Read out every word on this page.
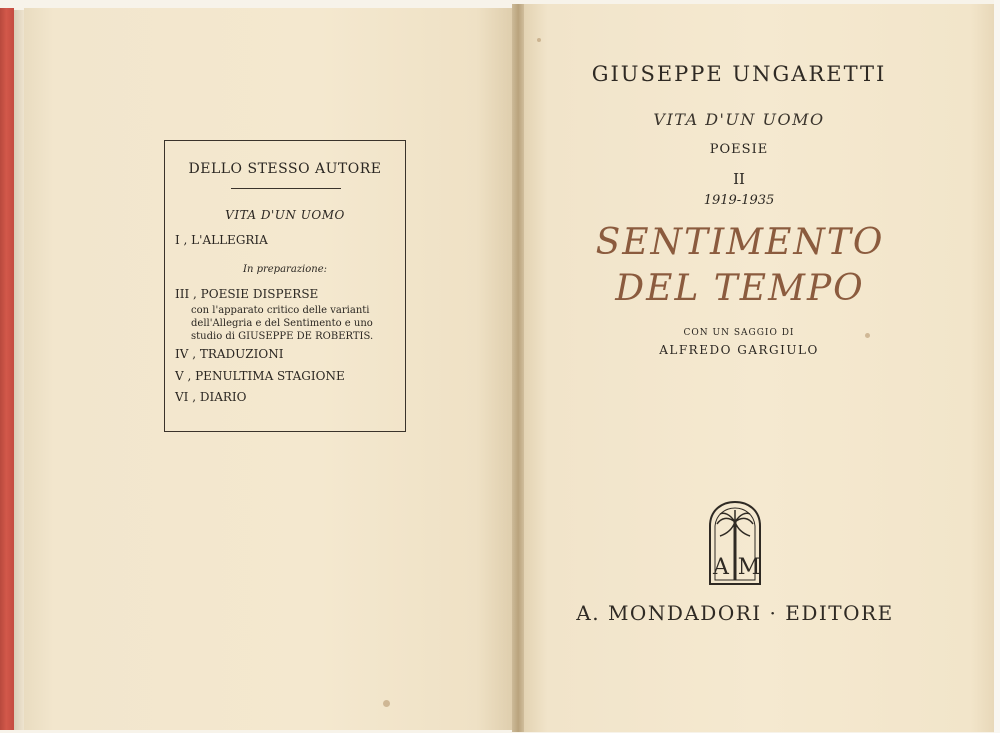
DELLO STESSO AUTORE
VITA D'UN UOMO
I , L'ALLEGRIA
In preparazione:
III , POESIE DISPERSE
con l'apparato critico delle varianti
dell'Allegria e del Sentimento e uno
studio di GIUSEPPE DE ROBERTIS.
IV , TRADUZIONI
V , PENULTIMA STAGIONE
VI , DIARIO
GIUSEPPE UNGARETTI
VITA D'UN UOMO
POESIE
II
1919-1935
SENTIMENTO
DEL TEMPO
CON UN SAGGIO DI
ALFREDO GARGIULO
A M
A. MONDADORI · EDITORE
